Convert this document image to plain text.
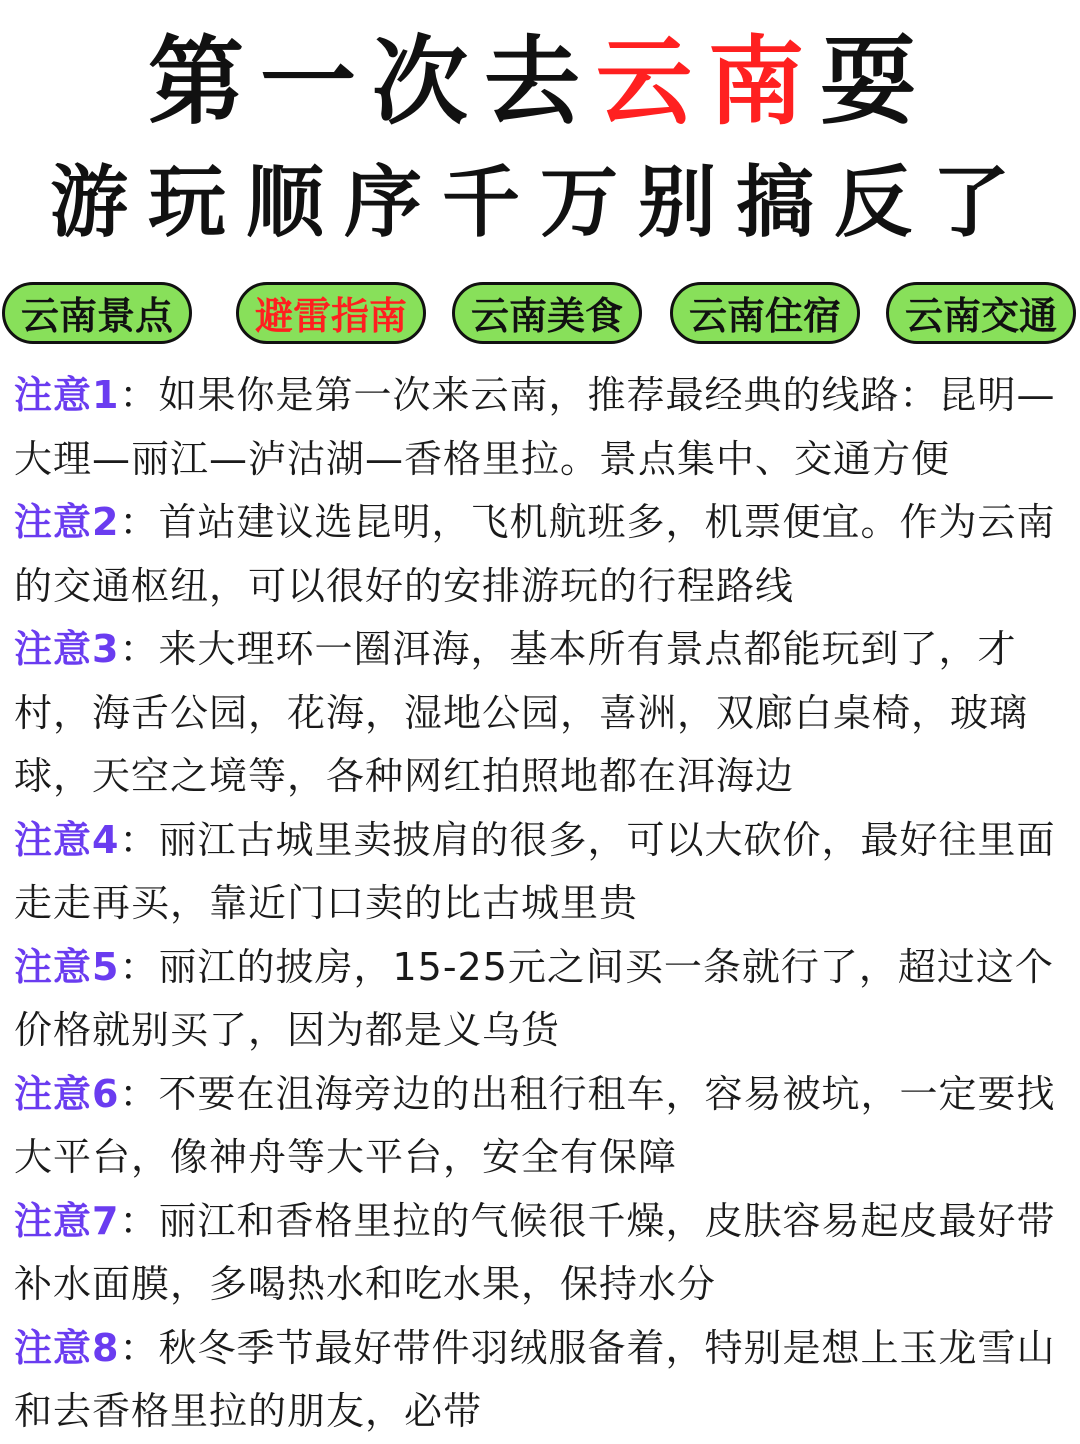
第一次去云南耍
游玩顺序千万别搞反了
云南景点	避雷指南	云南美食	云南住宿	云南交通
注意1：如果你是第一次来云南，推荐最经典的线路：昆明—大理—丽江—泸沽湖—香格里拉。景点集中、交通方便
注意2：首站建议选昆明，飞机航班多，机票便宜。作为云南的交通枢纽，可以很好的安排游玩的行程路线
注意3：来大理环一圈洱海，基本所有景点都能玩到了，才村，海舌公园，花海，湿地公园，喜洲，双廊白桌椅，玻璃球，天空之境等，各种网红拍照地都在洱海边
注意4：丽江古城里卖披肩的很多，可以大砍价，最好往里面走走再买，靠近门口卖的比古城里贵
注意5：丽江的披房，15-25元之间买一条就行了，超过这个价格就别买了，因为都是义乌货
注意6：不要在沮海旁边的出租行租车，容易被坑，一定要找大平台，像神舟等大平台，安全有保障
注意7：丽江和香格里拉的气候很千燥，皮肤容易起皮最好带补水面膜，多喝热水和吃水果，保持水分
注意8：秋冬季节最好带件羽绒服备着，特别是想上玉龙雪山和去香格里拉的朋友，必带
